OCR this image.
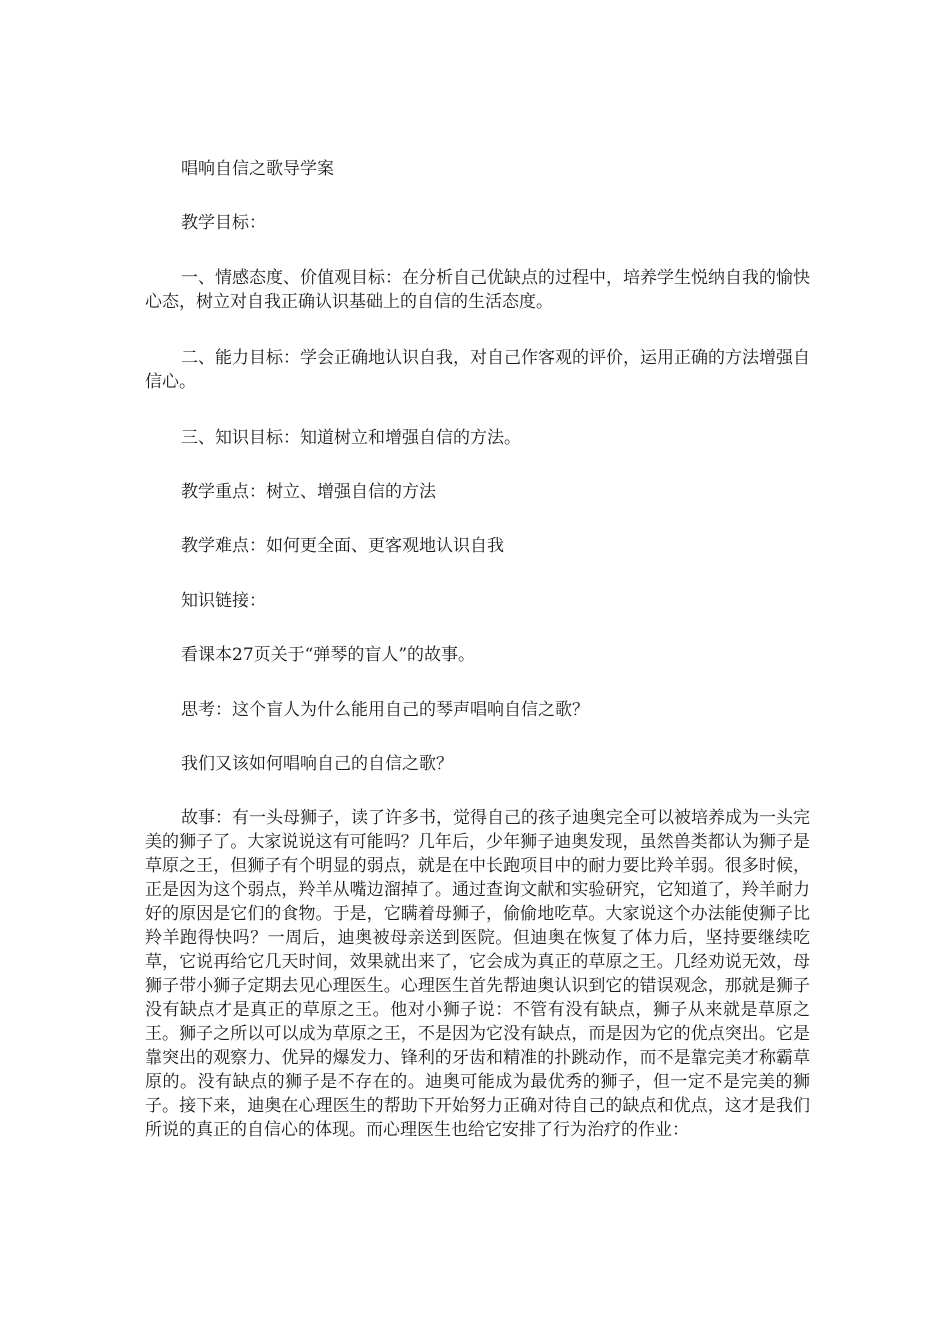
唱响自信之歌导学案
教学目标：
一、情感态度、价值观目标：在分析自己优缺点的过程中，培养学生悦纳自我的愉快心态，树立对自我正确认识基础上的自信的生活态度。
二、能力目标：学会正确地认识自我，对自己作客观的评价，运用正确的方法增强自信心。
三、知识目标：知道树立和增强自信的方法。
教学重点：树立、增强自信的方法
教学难点：如何更全面、更客观地认识自我
知识链接：
看课本27页关于“弹琴的盲人”的故事。
思考：这个盲人为什么能用自己的琴声唱响自信之歌？
我们又该如何唱响自己的自信之歌？
故事：有一头母狮子，读了许多书，觉得自己的孩子迪奥完全可以被培养成为一头完美的狮子了。大家说说这有可能吗？几年后，少年狮子迪奥发现，虽然兽类都认为狮子是草原之王，但狮子有个明显的弱点，就是在中长跑项目中的耐力要比羚羊弱。很多时候，正是因为这个弱点，羚羊从嘴边溜掉了。通过查询文献和实验研究，它知道了，羚羊耐力好的原因是它们的食物。于是，它瞒着母狮子，偷偷地吃草。大家说这个办法能使狮子比羚羊跑得快吗？一周后，迪奥被母亲送到医院。但迪奥在恢复了体力后，坚持要继续吃草，它说再给它几天时间，效果就出来了，它会成为真正的草原之王。几经劝说无效，母狮子带小狮子定期去见心理医生。心理医生首先帮迪奥认识到它的错误观念，那就是狮子没有缺点才是真正的草原之王。他对小狮子说：不管有没有缺点，狮子从来就是草原之王。狮子之所以可以成为草原之王，不是因为它没有缺点，而是因为它的优点突出。它是靠突出的观察力、优异的爆发力、锋利的牙齿和精准的扑跳动作，而不是靠完美才称霸草原的。没有缺点的狮子是不存在的。迪奥可能成为最优秀的狮子，但一定不是完美的狮子。接下来，迪奥在心理医生的帮助下开始努力正确对待自己的缺点和优点，这才是我们所说的真正的自信心的体现。而心理医生也给它安排了行为治疗的作业：
